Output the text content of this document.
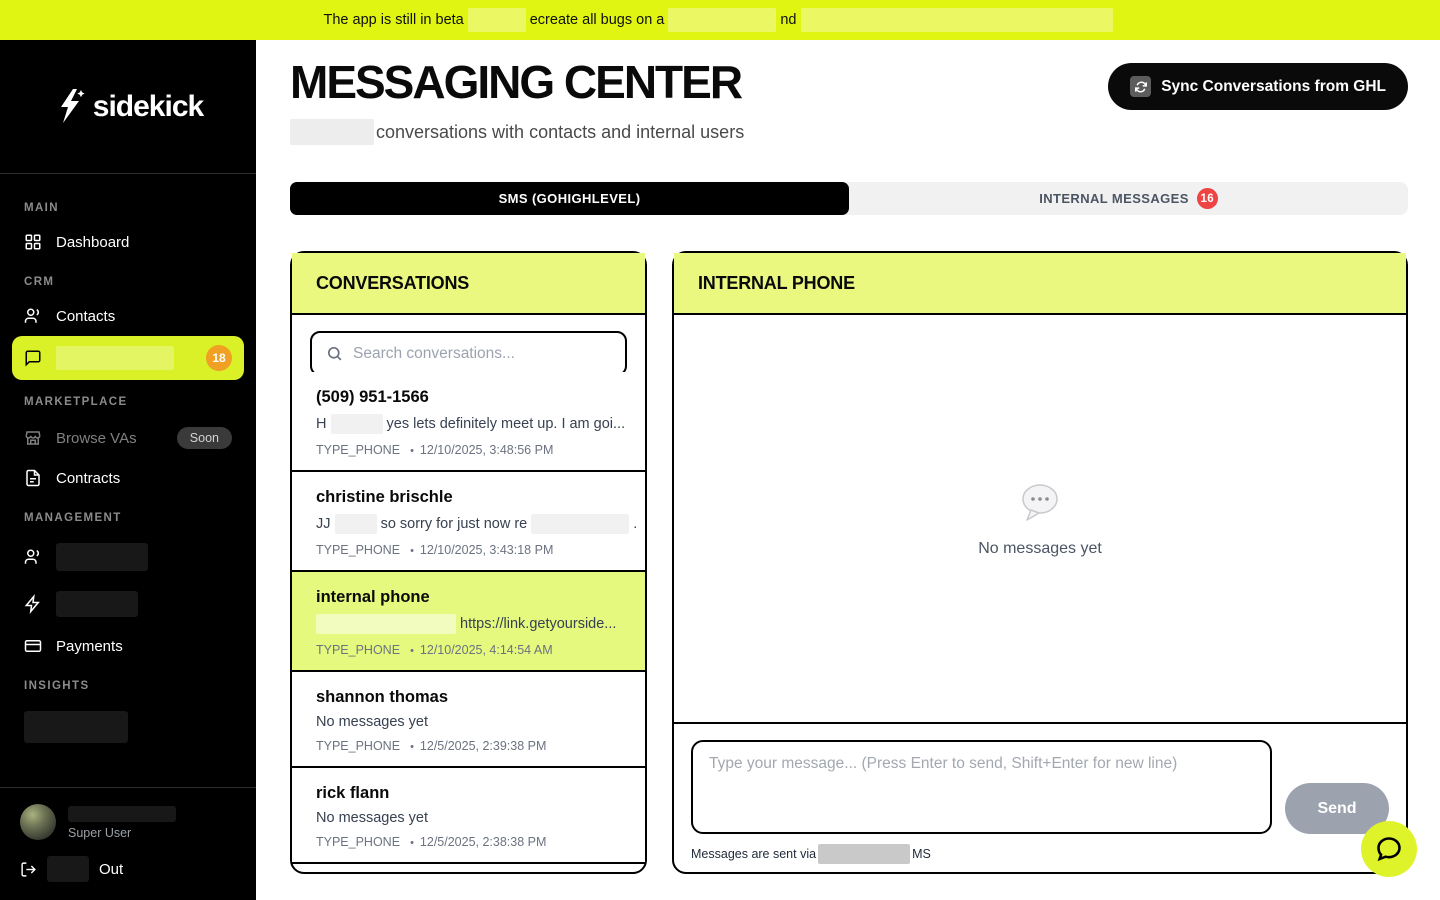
The app is still in beta	ecreate all bugs on a	nd
sidekick
MAIN
Dashboard
CRM
Contacts
18
MARKETPLACE
Browse VAs	Soon
Contracts
MANAGEMENT
Payments
INSIGHTS
Super User
Out
MESSAGING CENTER
conversations with contacts and internal users
Sync Conversations from GHL
SMS (GOHIGHLEVEL)	INTERNAL MESSAGES	16
CONVERSATIONS
Search conversations...
(509) 951-1566
H	yes lets definitely meet up. I am goi...
TYPE_PHONE • 12/10/2025, 3:48:56 PM
christine brischle
JJ	so sorry for just now re	.
TYPE_PHONE • 12/10/2025, 3:43:18 PM
internal phone
https://link.getyourside...
TYPE_PHONE • 12/10/2025, 4:14:54 AM
shannon thomas
No messages yet
TYPE_PHONE • 12/5/2025, 2:39:38 PM
rick flann
No messages yet
TYPE_PHONE • 12/5/2025, 2:38:38 PM
INTERNAL PHONE
No messages yet
Type your message... (Press Enter to send, Shift+Enter for new line)
Send
Messages are sent via	MS
